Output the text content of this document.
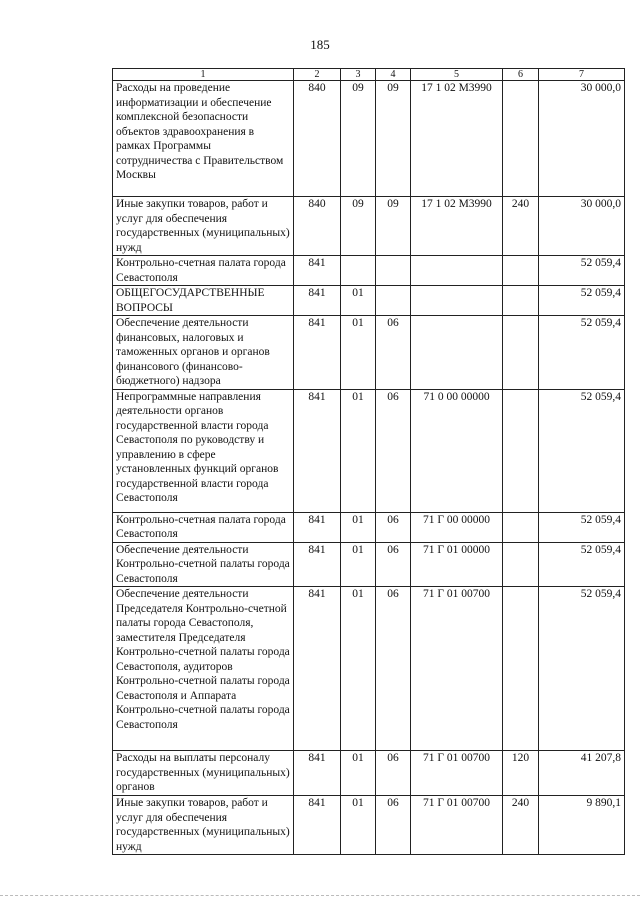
185
1	2	3	4	5	6	7
Расходы на проведение информатизации и обеспечение комплексной безопасности объектов здравоохранения в рамках Программы сотрудничества с Правительством Москвы	840	09	09	17 1 02 М3990		30 000,0
Иные закупки товаров, работ и услуг для обеспечения государственных (муниципальных) нужд	840	09	09	17 1 02 М3990	240	30 000,0
Контрольно-счетная палата города Севастополя	841					52 059,4
ОБЩЕГОСУДАРСТВЕННЫЕ ВОПРОСЫ	841	01				52 059,4
Обеспечение деятельности финансовых, налоговых и таможенных органов и органов финансового (финансово-бюджетного) надзора	841	01	06			52 059,4
Непрограммные направления деятельности органов государственной власти города Севастополя по руководству и управлению в сфере установленных функций органов государственной власти города Севастополя	841	01	06	71 0 00 00000		52 059,4
Контрольно-счетная палата города Севастополя	841	01	06	71 Г 00 00000		52 059,4
Обеспечение деятельности Контрольно-счетной палаты города Севастополя	841	01	06	71 Г 01 00000		52 059,4
Обеспечение деятельности Председателя Контрольно-счетной палаты города Севастополя, заместителя Председателя Контрольно-счетной палаты города Севастополя, аудиторов Контрольно-счетной палаты города Севастополя и Аппарата Контрольно-счетной палаты города Севастополя	841	01	06	71 Г 01 00700		52 059,4
Расходы на выплаты персоналу государственных (муниципальных) органов	841	01	06	71 Г 01 00700	120	41 207,8
Иные закупки товаров, работ и услуг для обеспечения государственных (муниципальных) нужд	841	01	06	71 Г 01 00700	240	9 890,1
